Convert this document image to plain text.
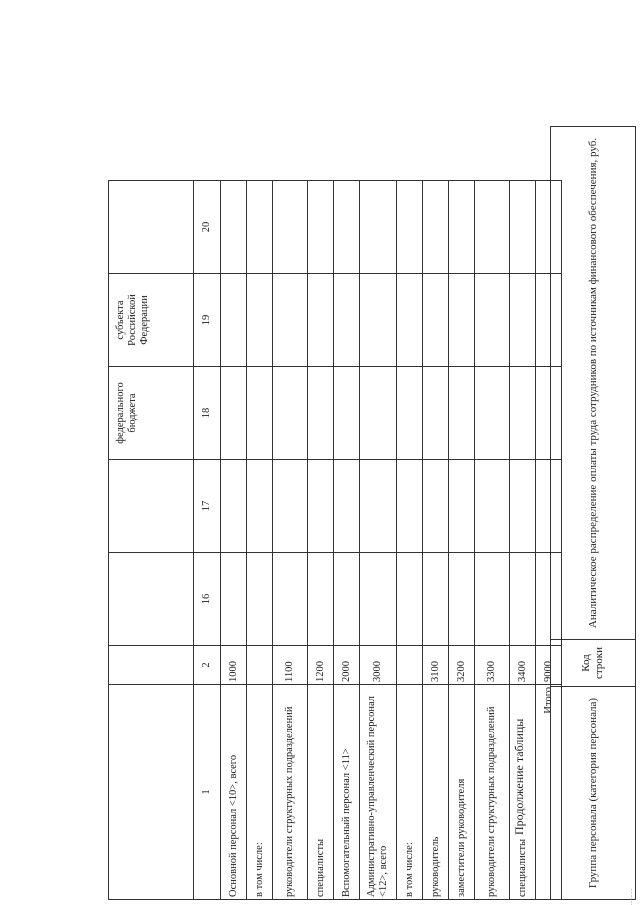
				федерального бюджета	субъекта Российской Федерации	

1	2	16	17	18	19	20
Основной персонал <10>, всего	1000					
в том числе:						
руководители структурных подразделений	1100					
специалисты	1200					
Вспомогательный персонал <11>	2000					
Административно-управленческий персонал <12>, всего	3000					
в том числе:						
руководитель	3100					
заместители руководителя	3200					
руководители структурных подразделений	3300					
специалисты	3400					
Итого	9000					
Продолжение таблицы	Группа персонала (категория персонала)	Код строки	Аналитическое распределение оплаты труда сотрудников по источникам финансового обеспечения, руб.
...........
